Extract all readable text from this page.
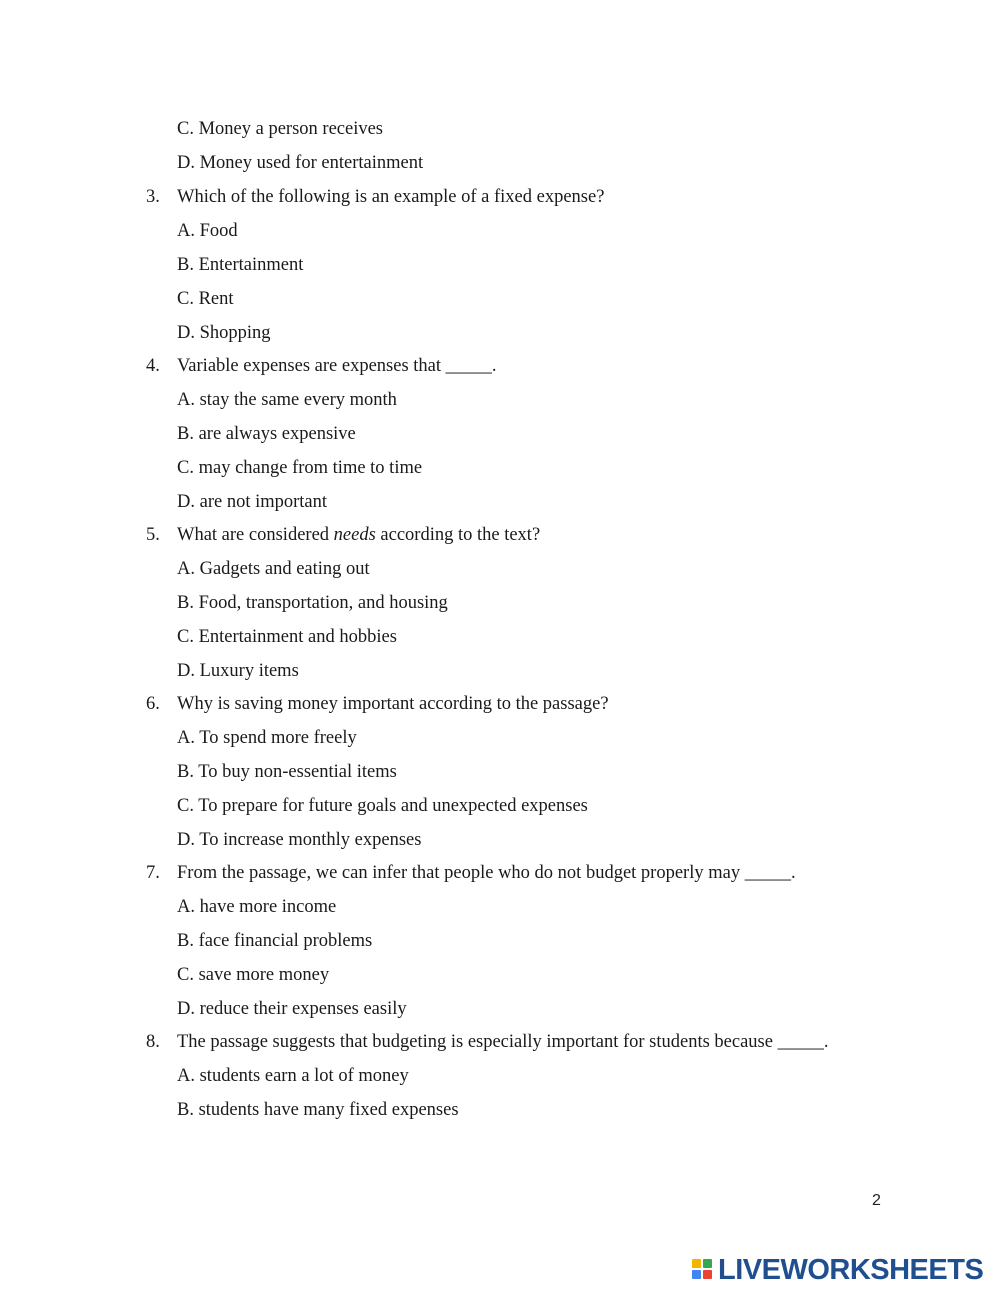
C. Money a person receives
D. Money used for entertainment
3. Which of the following is an example of a fixed expense?
A. Food
B. Entertainment
C. Rent
D. Shopping
4. Variable expenses are expenses that _____.
A. stay the same every month
B. are always expensive
C. may change from time to time
D. are not important
5. What are considered needs according to the text?
A. Gadgets and eating out
B. Food, transportation, and housing
C. Entertainment and hobbies
D. Luxury items
6. Why is saving money important according to the passage?
A. To spend more freely
B. To buy non-essential items
C. To prepare for future goals and unexpected expenses
D. To increase monthly expenses
7. From the passage, we can infer that people who do not budget properly may _____.
A. have more income
B. face financial problems
C. save more money
D. reduce their expenses easily
8. The passage suggests that budgeting is especially important for students because _____.
A. students earn a lot of money
B. students have many fixed expenses
2
LIVEWORKSHEETS
